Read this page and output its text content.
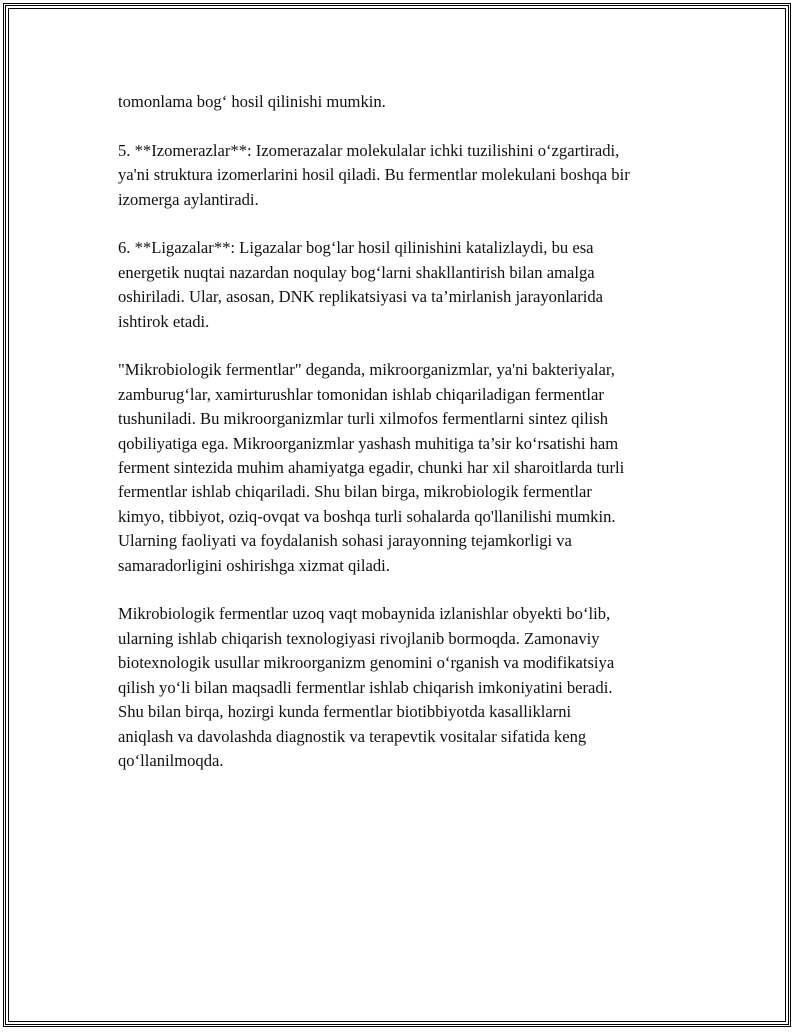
tomonlama bog‘ hosil qilinishi mumkin.

5. **Izomerazlar**: Izomerazalar molekulalar ichki tuzilishini o‘zgartiradi,
ya'ni struktura izomerlarini hosil qiladi. Bu fermentlar molekulani boshqa bir
izomerga aylantiradi.

6. **Ligazalar**: Ligazalar bog‘lar hosil qilinishini katalizlaydi, bu esa
energetik nuqtai nazardan noqulay bog‘larni shakllantirish bilan amalga
oshiriladi. Ular, asosan, DNK replikatsiyasi va ta’mirlanish jarayonlarida
ishtirok etadi.

"Mikrobiologik fermentlar" deganda, mikroorganizmlar, ya'ni bakteriyalar,
zamburug‘lar, xamirturushlar tomonidan ishlab chiqariladigan fermentlar
tushuniladi. Bu mikroorganizmlar turli xilmofos fermentlarni sintez qilish
qobiliyatiga ega. Mikroorganizmlar yashash muhitiga ta’sir ko‘rsatishi ham
ferment sintezida muhim ahamiyatga egadir, chunki har xil sharoitlarda turli
fermentlar ishlab chiqariladi. Shu bilan birga, mikrobiologik fermentlar
kimyo, tibbiyot, oziq-ovqat va boshqa turli sohalarda qo'llanilishi mumkin.
Ularning faoliyati va foydalanish sohasi jarayonning tejamkorligi va
samaradorligini oshirishga xizmat qiladi.

Mikrobiologik fermentlar uzoq vaqt mobaynida izlanishlar obyekti bo‘lib,
ularning ishlab chiqarish texnologiyasi rivojlanib bormoqda. Zamonaviy
biotexnologik usullar mikroorganizm genomini o‘rganish va modifikatsiya
qilish yo‘li bilan maqsadli fermentlar ishlab chiqarish imkoniyatini beradi.
Shu bilan birqa, hozirgi kunda fermentlar biotibbiyotda kasalliklarni
aniqlash va davolashda diagnostik va terapevtik vositalar sifatida keng
qo‘llanilmoqda.
